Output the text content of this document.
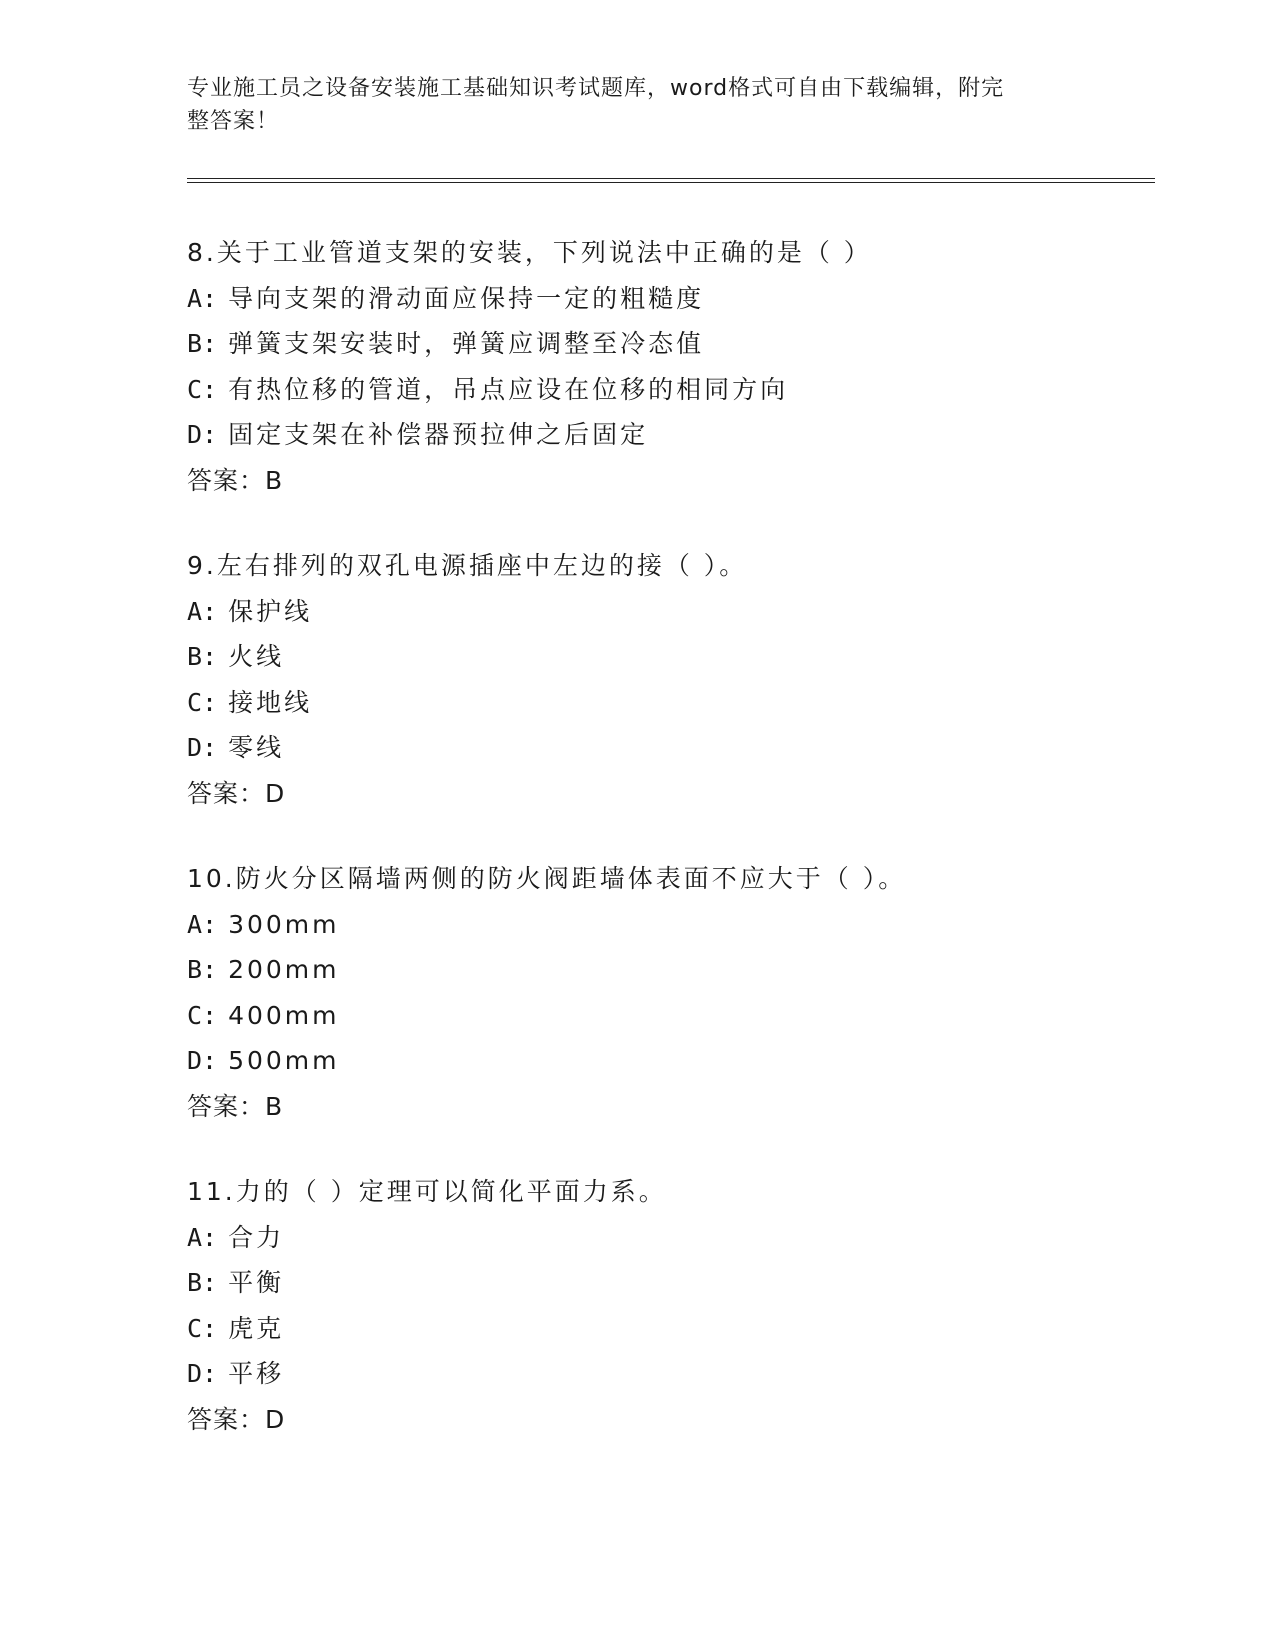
专业施工员之设备安装施工基础知识考试题库，word格式可自由下载编辑，附完
整答案！
8.关于工业管道支架的安装，下列说法中正确的是（ ）
A: 导向支架的滑动面应保持一定的粗糙度
B: 弹簧支架安装时，弹簧应调整至冷态值
C: 有热位移的管道，吊点应设在位移的相同方向
D: 固定支架在补偿器预拉伸之后固定
答案：B
9.左右排列的双孔电源插座中左边的接（ ）。
A: 保护线
B: 火线
C: 接地线
D: 零线
答案：D
10.防火分区隔墙两侧的防火阀距墙体表面不应大于（ ）。
A: 300mm
B: 200mm
C: 400mm
D: 500mm
答案：B
11.力的（ ）定理可以简化平面力系。
A: 合力
B: 平衡
C: 虎克
D: 平移
答案：D
